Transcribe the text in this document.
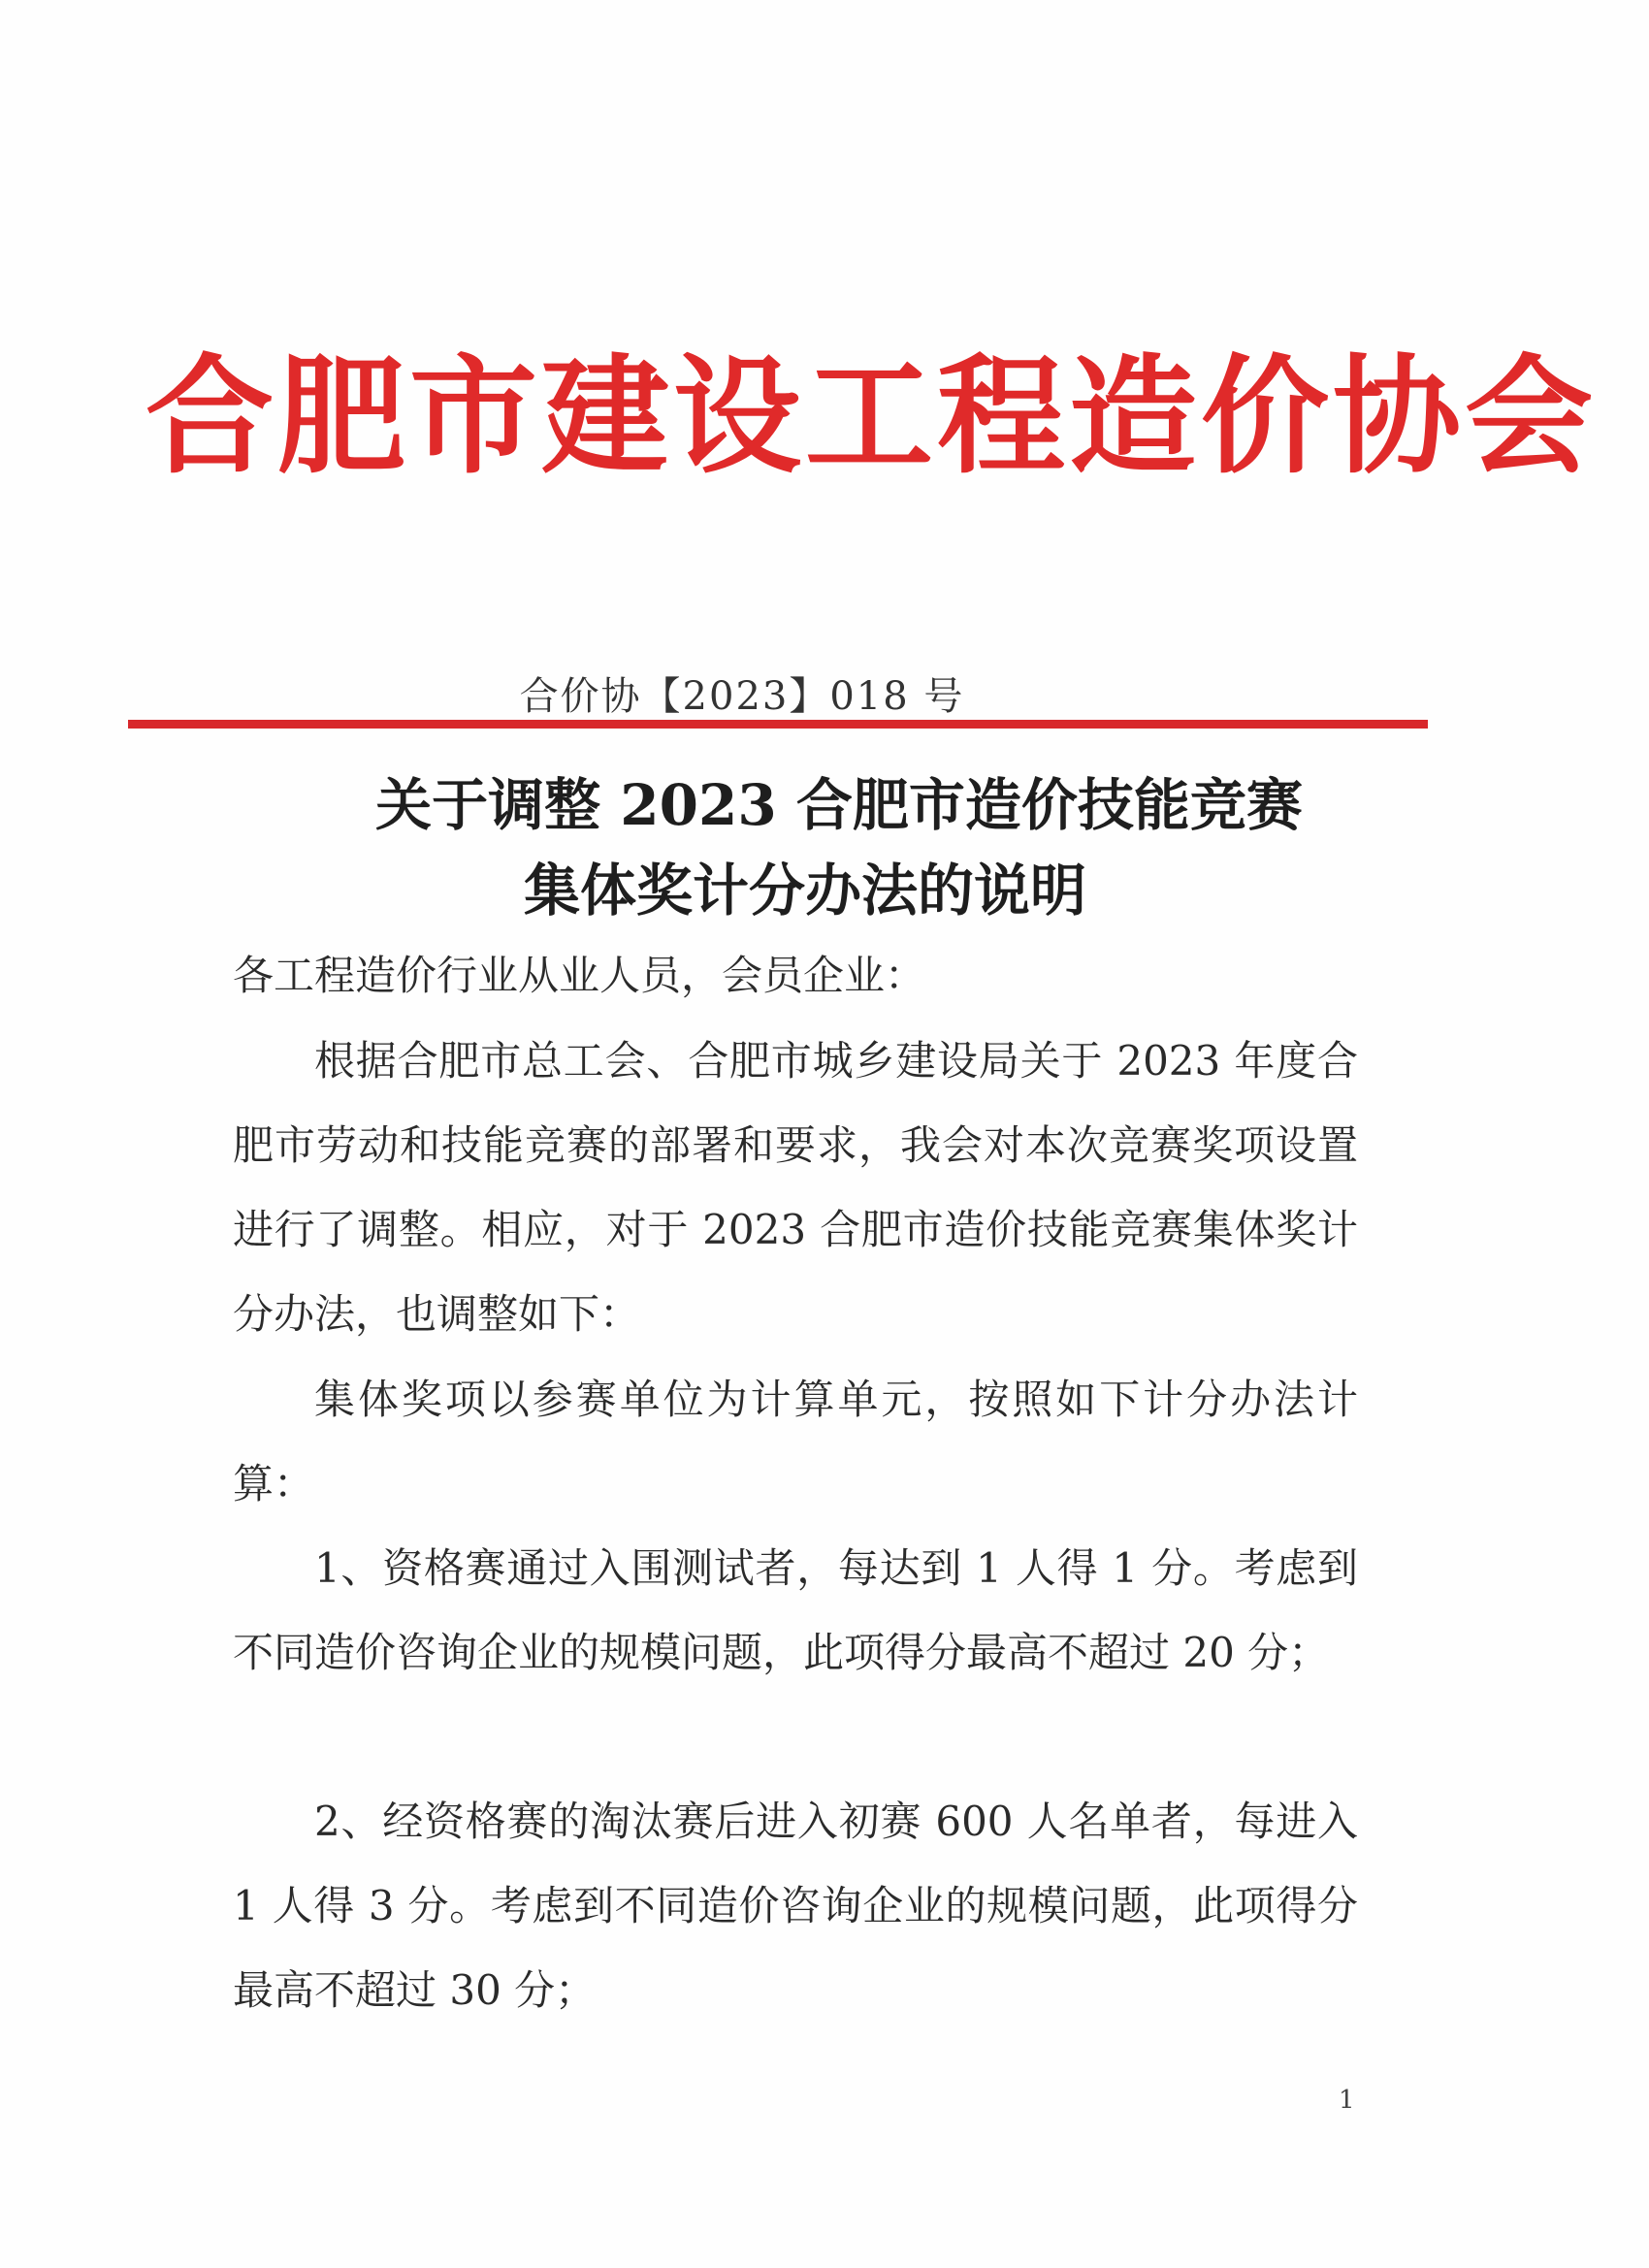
合肥市建设工程造价协会
合价协【2023】018 号
关于调整 2023 合肥市造价技能竞赛
集体奖计分办法的说明
各工程造价行业从业人员，会员企业：

根据合肥市总工会、合肥市城乡建设局关于 2023 年度合肥市劳动和技能竞赛的部署和要求，我会对本次竞赛奖项设置进行了调整。相应，对于 2023 合肥市造价技能竞赛集体奖计分办法，也调整如下：

集体奖项以参赛单位为计算单元，按照如下计分办法计算：

1、资格赛通过入围测试者，每达到 1 人得 1 分。考虑到不同造价咨询企业的规模问题，此项得分最高不超过 20 分；

2、经资格赛的淘汰赛后进入初赛 600 人名单者，每进入 1 人得 3 分。考虑到不同造价咨询企业的规模问题，此项得分最高不超过 30 分；

1
